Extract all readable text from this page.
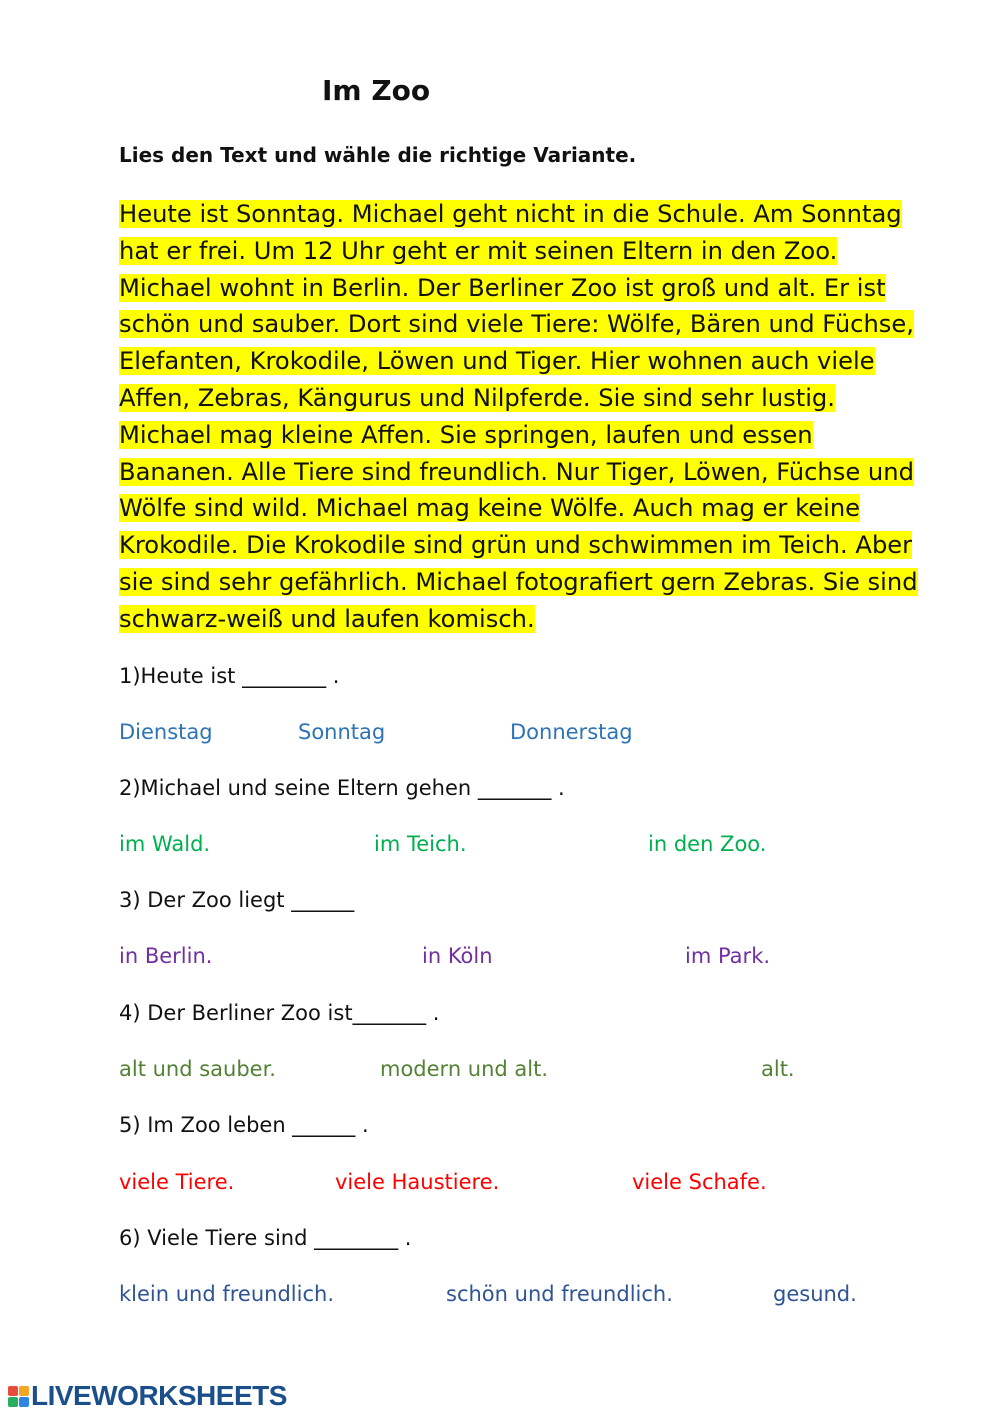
Im Zoo

Lies den Text und wähle die richtige Variante.

Heute ist Sonntag. Michael geht nicht in die Schule. Am Sonntag
hat er frei. Um 12 Uhr geht er mit seinen Eltern in den Zoo.
Michael wohnt in Berlin. Der Berliner Zoo ist groß und alt. Er ist
schön und sauber. Dort sind viele Tiere: Wölfe, Bären und Füchse,
Elefanten, Krokodile, Löwen und Tiger. Hier wohnen auch viele
Affen, Zebras, Kängurus und Nilpferde. Sie sind sehr lustig.
Michael mag kleine Affen. Sie springen, laufen und essen
Bananen. Alle Tiere sind freundlich. Nur Tiger, Löwen, Füchse und
Wölfe sind wild. Michael mag keine Wölfe. Auch mag er keine
Krokodile. Die Krokodile sind grün und schwimmen im Teich. Aber
sie sind sehr gefährlich. Michael fotografiert gern Zebras. Sie sind
schwarz-weiß und laufen komisch.
1)Heute ist ________ .
Dienstag	Sonntag	Donnerstag
2)Michael und seine Eltern gehen _______ .
im Wald.	im Teich.	in den Zoo.
3) Der Zoo liegt ______
in Berlin.	in Köln	im Park.
4) Der Berliner Zoo ist_______ .
alt und sauber.	modern und alt.	alt.
5) Im Zoo leben ______ .
viele Tiere.	viele Haustiere.	viele Schafe.
6) Viele Tiere sind ________ .
klein und freundlich.	schön und freundlich.	gesund.
LIVEWORKSHEETS
